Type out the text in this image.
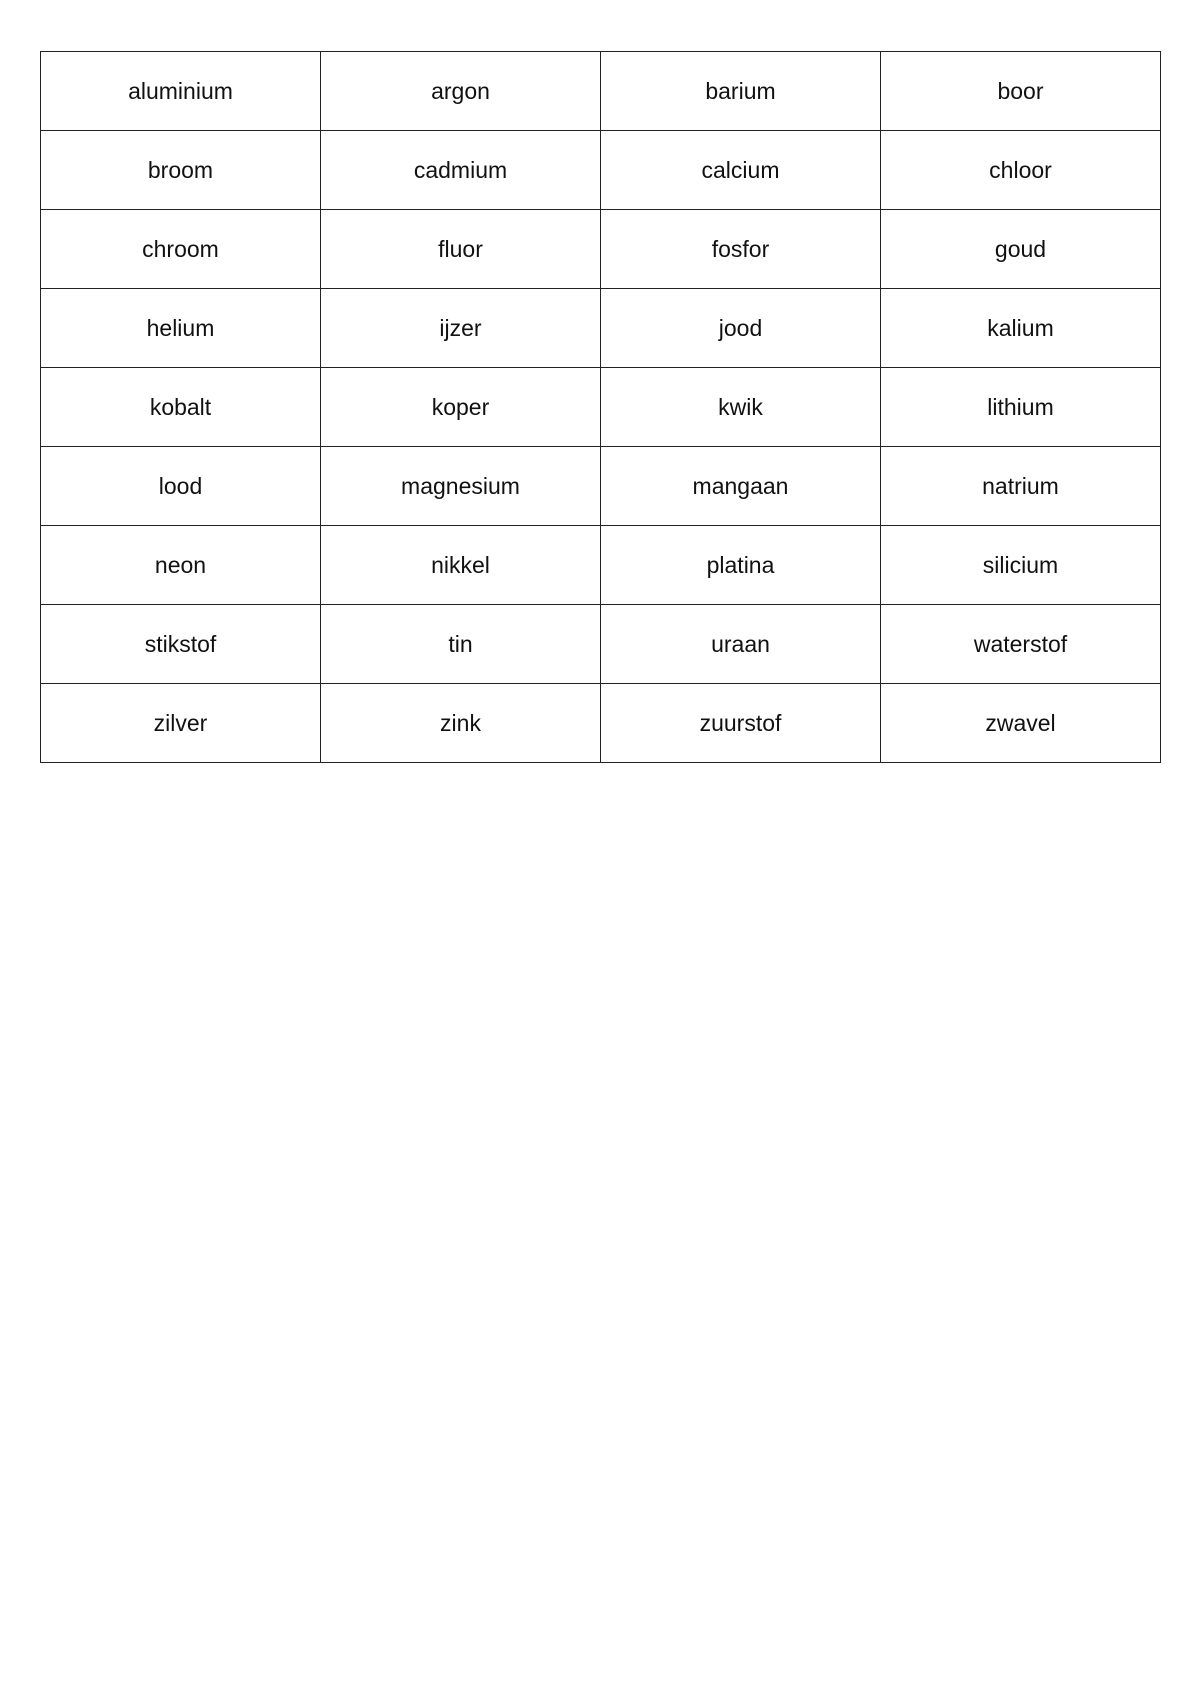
aluminium	argon	barium	boor
broom	cadmium	calcium	chloor
chroom	fluor	fosfor	goud
helium	ijzer	jood	kalium
kobalt	koper	kwik	lithium
lood	magnesium	mangaan	natrium
neon	nikkel	platina	silicium
stikstof	tin	uraan	waterstof
zilver	zink	zuurstof	zwavel
